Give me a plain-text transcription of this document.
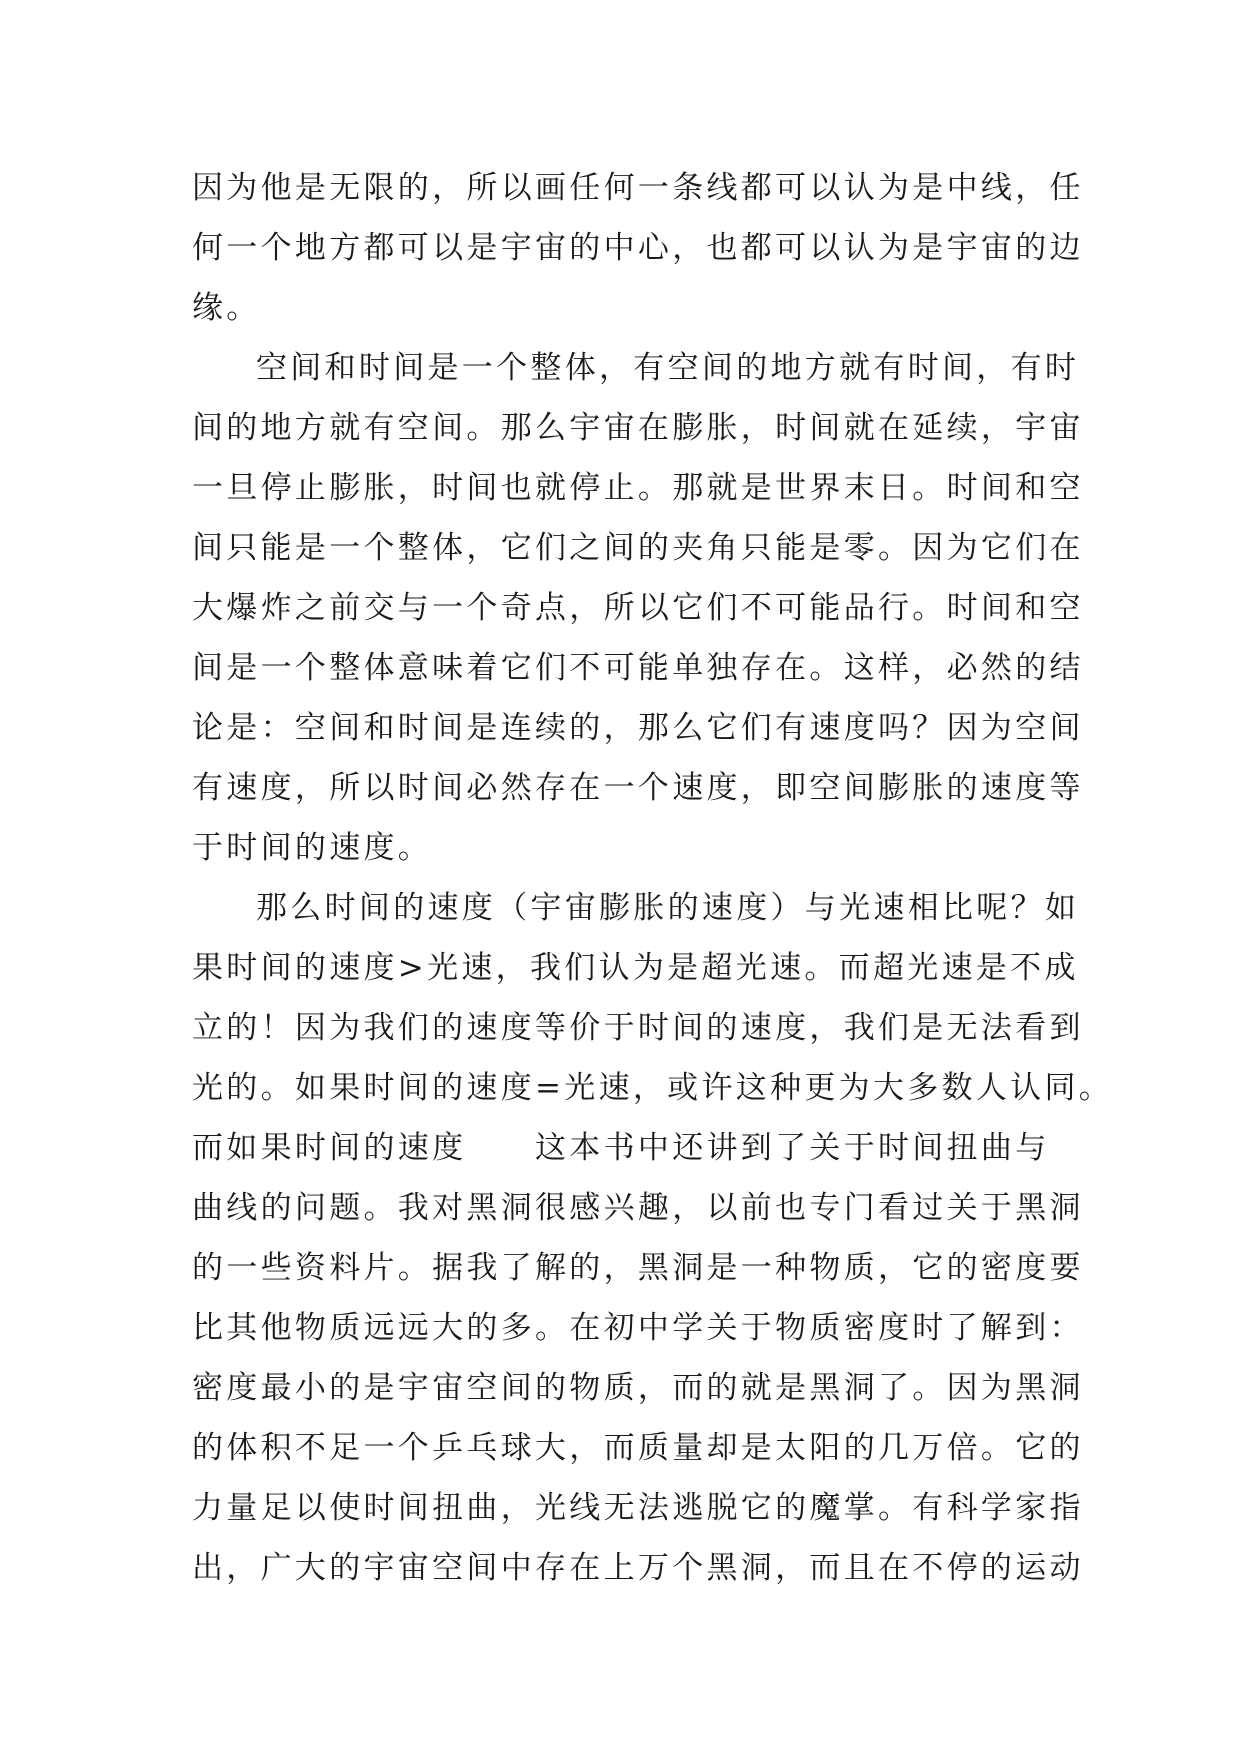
因为他是无限的，所以画任何一条线都可以认为是中线，任
何一个地方都可以是宇宙的中心，也都可以认为是宇宙的边
缘。
空间和时间是一个整体，有空间的地方就有时间，有时
间的地方就有空间。那么宇宙在膨胀，时间就在延续，宇宙
一旦停止膨胀，时间也就停止。那就是世界末日。时间和空
间只能是一个整体，它们之间的夹角只能是零。因为它们在
大爆炸之前交与一个奇点，所以它们不可能品行。时间和空
间是一个整体意味着它们不可能单独存在。这样，必然的结
论是：空间和时间是连续的，那么它们有速度吗？因为空间
有速度，所以时间必然存在一个速度，即空间膨胀的速度等
于时间的速度。
那么时间的速度（宇宙膨胀的速度）与光速相比呢？如
果时间的速度>光速，我们认为是超光速。而超光速是不成
立的！因为我们的速度等价于时间的速度，我们是无法看到
光的。如果时间的速度=光速，或许这种更为大多数人认同。
而如果时间的速度　　这本书中还讲到了关于时间扭曲与
曲线的问题。我对黑洞很感兴趣，以前也专门看过关于黑洞
的一些资料片。据我了解的，黑洞是一种物质，它的密度要
比其他物质远远大的多。在初中学关于物质密度时了解到：
密度最小的是宇宙空间的物质，而的就是黑洞了。因为黑洞
的体积不足一个乒乓球大，而质量却是太阳的几万倍。它的
力量足以使时间扭曲，光线无法逃脱它的魔掌。有科学家指
出，广大的宇宙空间中存在上万个黑洞，而且在不停的运动
